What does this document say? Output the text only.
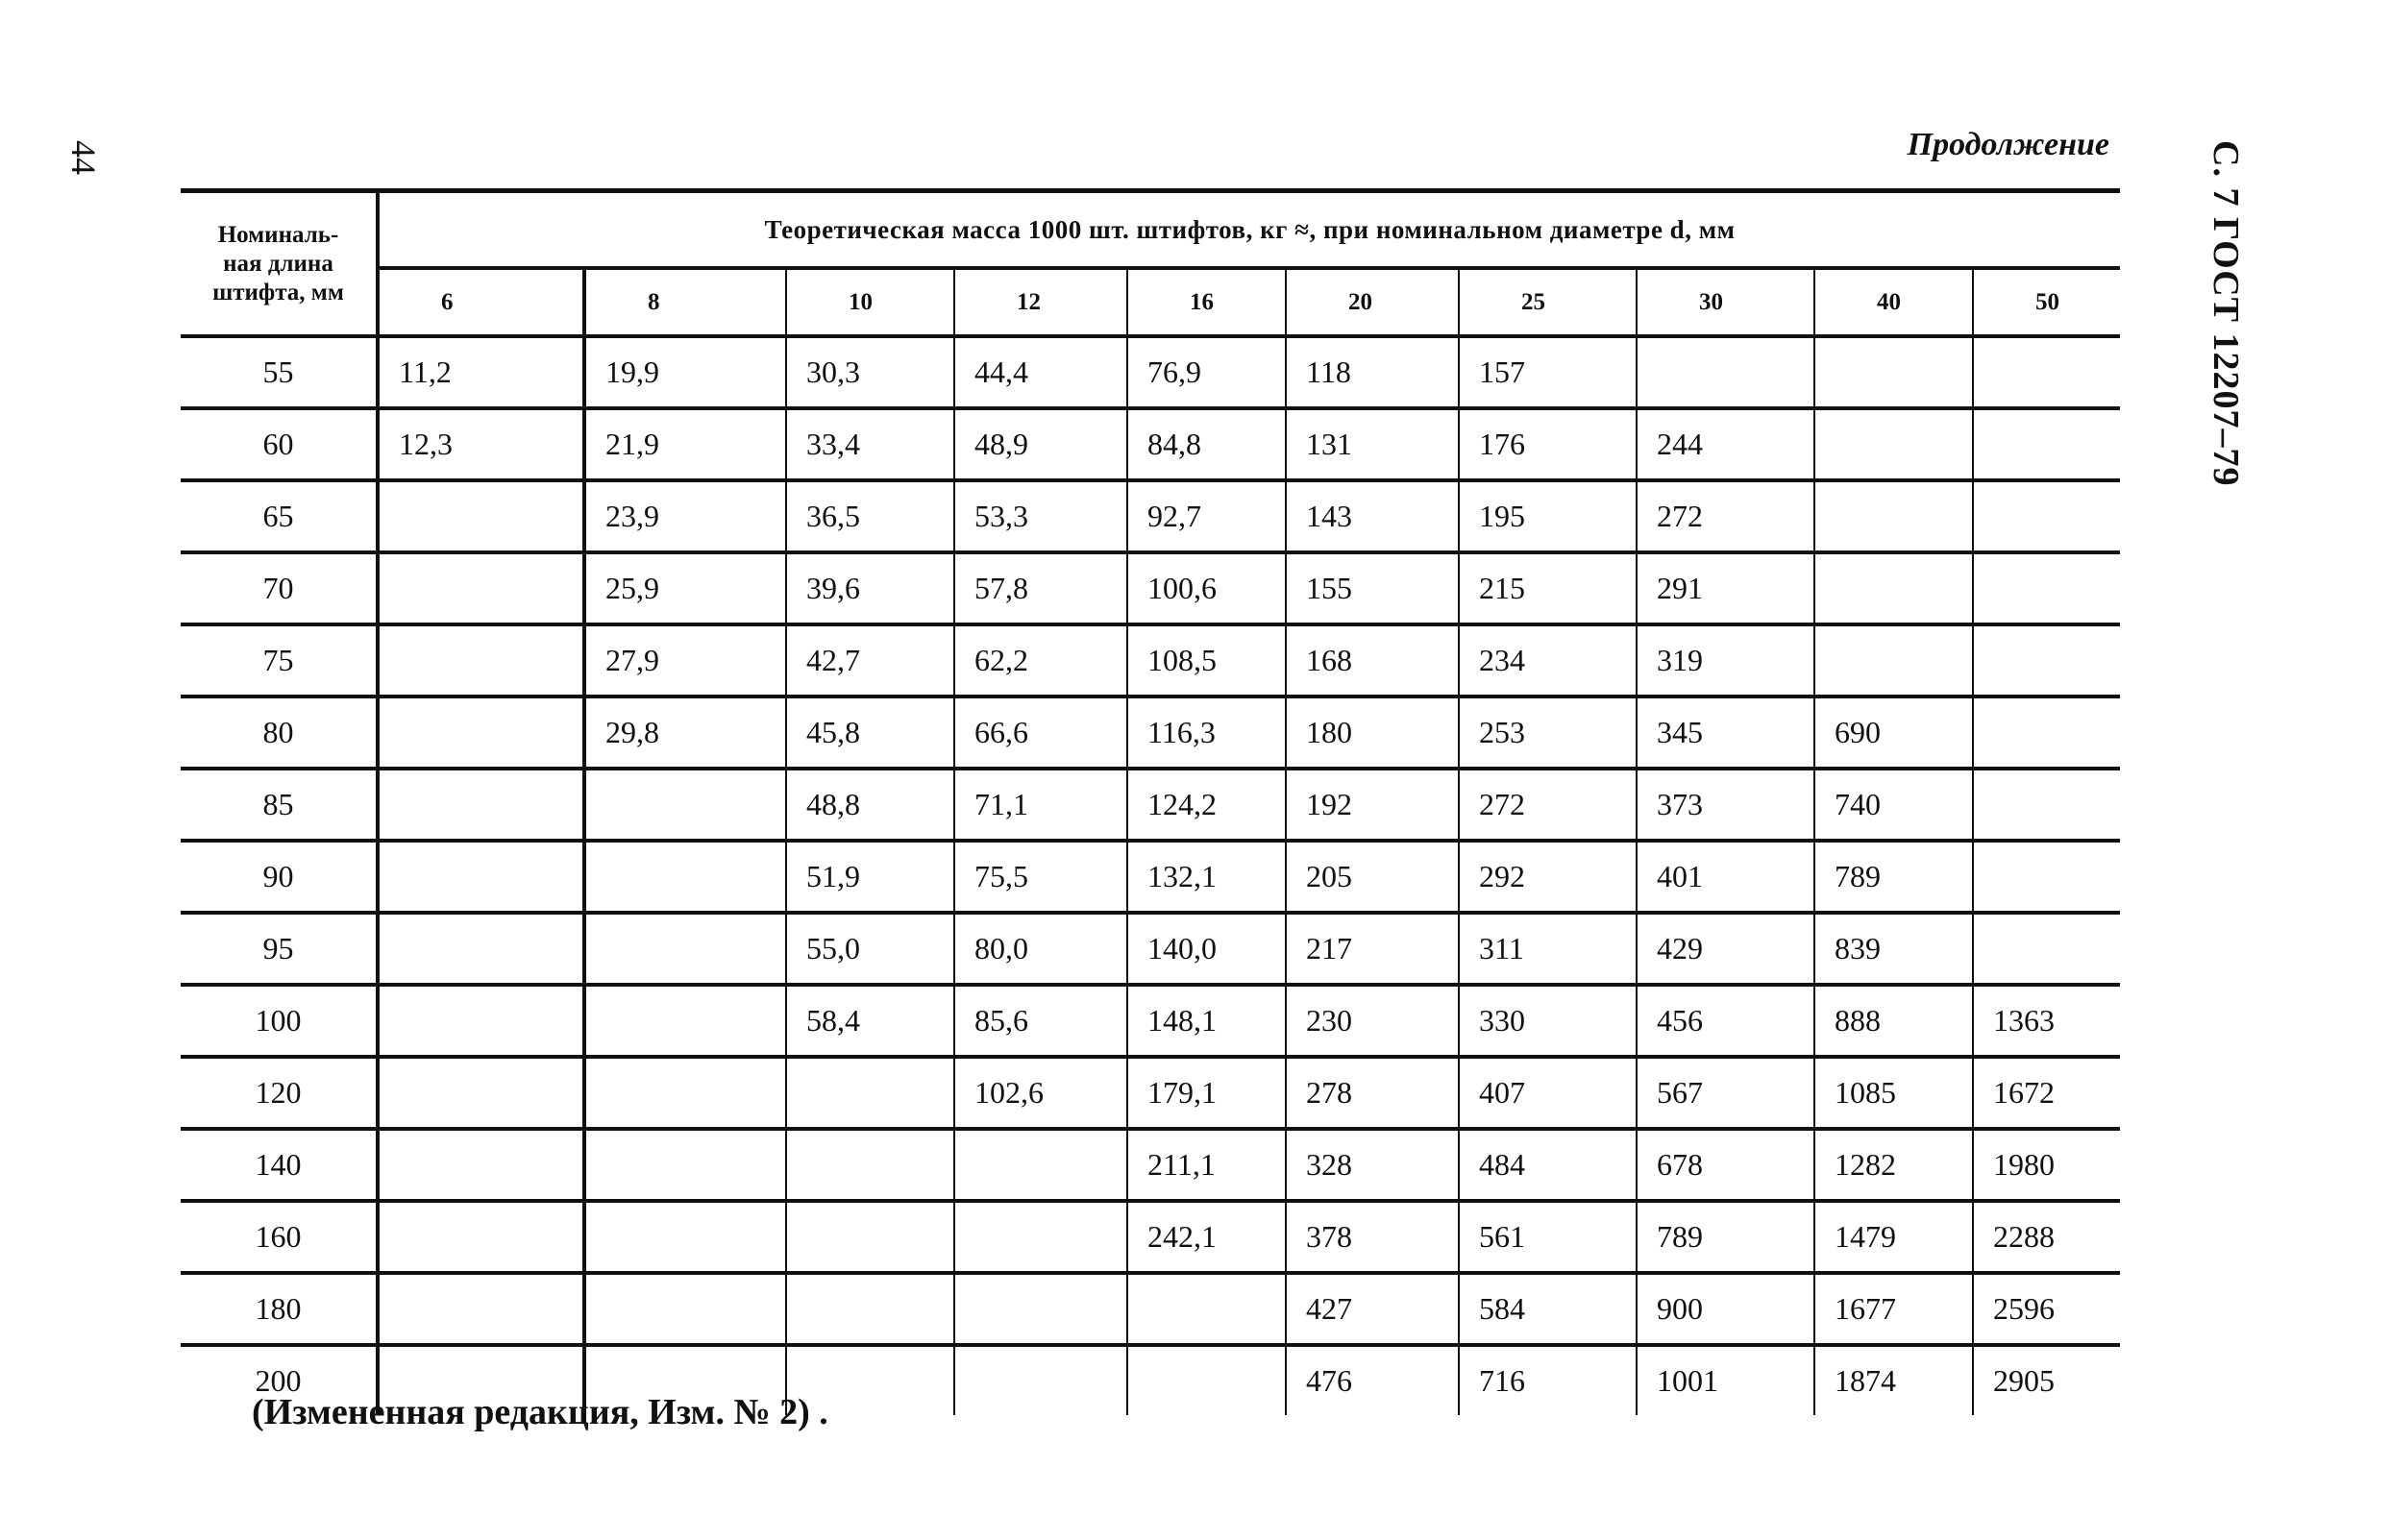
44	С. 7 ГОСТ 12207–79
Продолжение
Номиналь-
ная длина
штифта, мм	Теоретическая масса 1000 шт. штифтов, кг ≈, при номинальном диаметре d, мм									
	6	8	10	12	16	20	25	30	40	50
55	11,2	19,9	30,3	44,4	76,9	118	157			
60	12,3	21,9	33,4	48,9	84,8	131	176	244		
65		23,9	36,5	53,3	92,7	143	195	272		
70		25,9	39,6	57,8	100,6	155	215	291		
75		27,9	42,7	62,2	108,5	168	234	319		
80		29,8	45,8	66,6	116,3	180	253	345	690	
85			48,8	71,1	124,2	192	272	373	740	
90			51,9	75,5	132,1	205	292	401	789	
95			55,0	80,0	140,0	217	311	429	839	
100			58,4	85,6	148,1	230	330	456	888	1363
120				102,6	179,1	278	407	567	1085	1672
140					211,1	328	484	678	1282	1980
160					242,1	378	561	789	1479	2288
180						427	584	900	1677	2596
200						476	716	1001	1874	2905
(Измененная редакция, Изм. № 2) .
